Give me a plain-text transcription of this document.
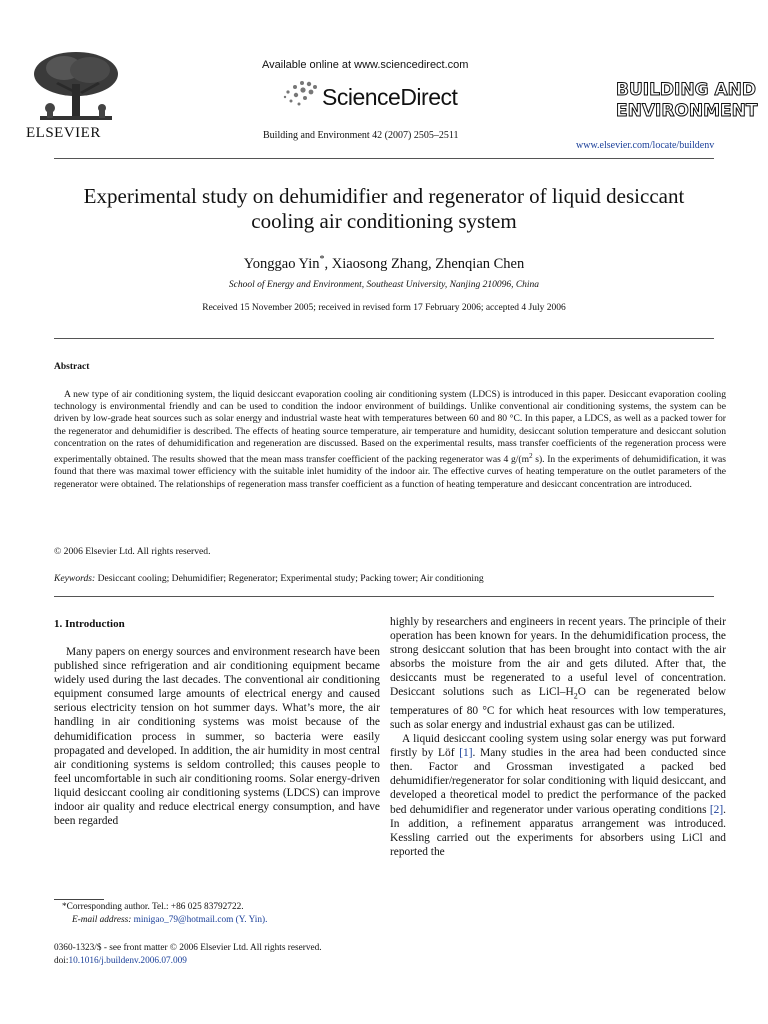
ELSEVIER
Available online at www.sciencedirect.com
ScienceDirect
Building and Environment 42 (2007) 2505–2511
BUILDING AND
ENVIRONMENT
www.elsevier.com/locate/buildenv
Experimental study on dehumidifier and regenerator of liquid desiccant
cooling air conditioning system
Yonggao Yin*, Xiaosong Zhang, Zhenqian Chen
School of Energy and Environment, Southeast University, Nanjing 210096, China
Received 15 November 2005; received in revised form 17 February 2006; accepted 4 July 2006
Abstract
A new type of air conditioning system, the liquid desiccant evaporation cooling air conditioning system (LDCS) is introduced in this paper. Desiccant evaporation cooling technology is environmental friendly and can be used to condition the indoor environment of buildings. Unlike conventional air conditioning systems, the system can be driven by low-grade heat sources such as solar energy and industrial waste heat with temperatures between 60 and 80 °C. In this paper, a LDCS, as well as a packed tower for the regenerator and dehumidifier is described. The effects of heating source temperature, air temperature and humidity, desiccant solution temperature and desiccant solution concentration on the rates of dehumidification and regeneration are discussed. Based on the experimental results, mass transfer coefficients of the regeneration process were experimentally obtained. The results showed that the mean mass transfer coefficient of the packing regenerator was 4 $g/(m^2$ s). In the experiments of dehumidification, it was found that there was maximal tower efficiency with the suitable inlet humidity of the indoor air. The effective curves of heating temperature on the outlet parameters of the regenerator were obtained. The relationships of regeneration mass transfer coefficient as a function of heating temperature and desiccant concentration are introduced.
© 2006 Elsevier Ltd. All rights reserved.
Keywords: Desiccant cooling; Dehumidifier; Regenerator; Experimental study; Packing tower; Air conditioning
1. Introduction
Many papers on energy sources and environment research have been published since refrigeration and air conditioning equipment became widely used during the last decades. The conventional air conditioning equipment consumed large amounts of electrical energy and caused serious electricity tension on hot summer days. What’s more, the air handling in air conditioning systems was moist because of the dehumidification process in summer, so bacteria were easily propagated and developed. In addition, the air humidity in most central air conditioning systems is seldom controlled; this causes people to feel uncomfortable in such air conditioning rooms. Solar energy-driven liquid desiccant cooling air conditioning systems (LDCS) can improve indoor air quality and reduce electrical energy consumption, and have been regarded
highly by researchers and engineers in recent years. The principle of their operation has been known for years. In the dehumidification process, the strong desiccant solution that has been brought into contact with the air absorbs the moisture from the air and gets diluted. After that, the desiccants must be regenerated to a useful level of concentration. Desiccant solutions such as LiCl–$H_2O$ can be regenerated below temperatures of 80 °C for which heat resources with low temperatures, such as solar energy and industrial exhaust gas can be utilized.
A liquid desiccant cooling system using solar energy was put forward firstly by Löf [1]. Many studies in the area had been conducted since then. Factor and Grossman investigated a packed bed dehumidifier/regenerator for solar conditioning with liquid desiccant, and developed a theoretical model to predict the performance of the packed bed dehumidifier and regenerator under various operating conditions [2]. In addition, a refinement apparatus arrangement was introduced. Kessling carried out the experiments for absorbers using LiCl and reported the
*Corresponding author. Tel.: +86 025 83792722.
E-mail address: minigao_79@hotmail.com (Y. Yin).
0360-1323/$ - see front matter © 2006 Elsevier Ltd. All rights reserved.
doi:10.1016/j.buildenv.2006.07.009
